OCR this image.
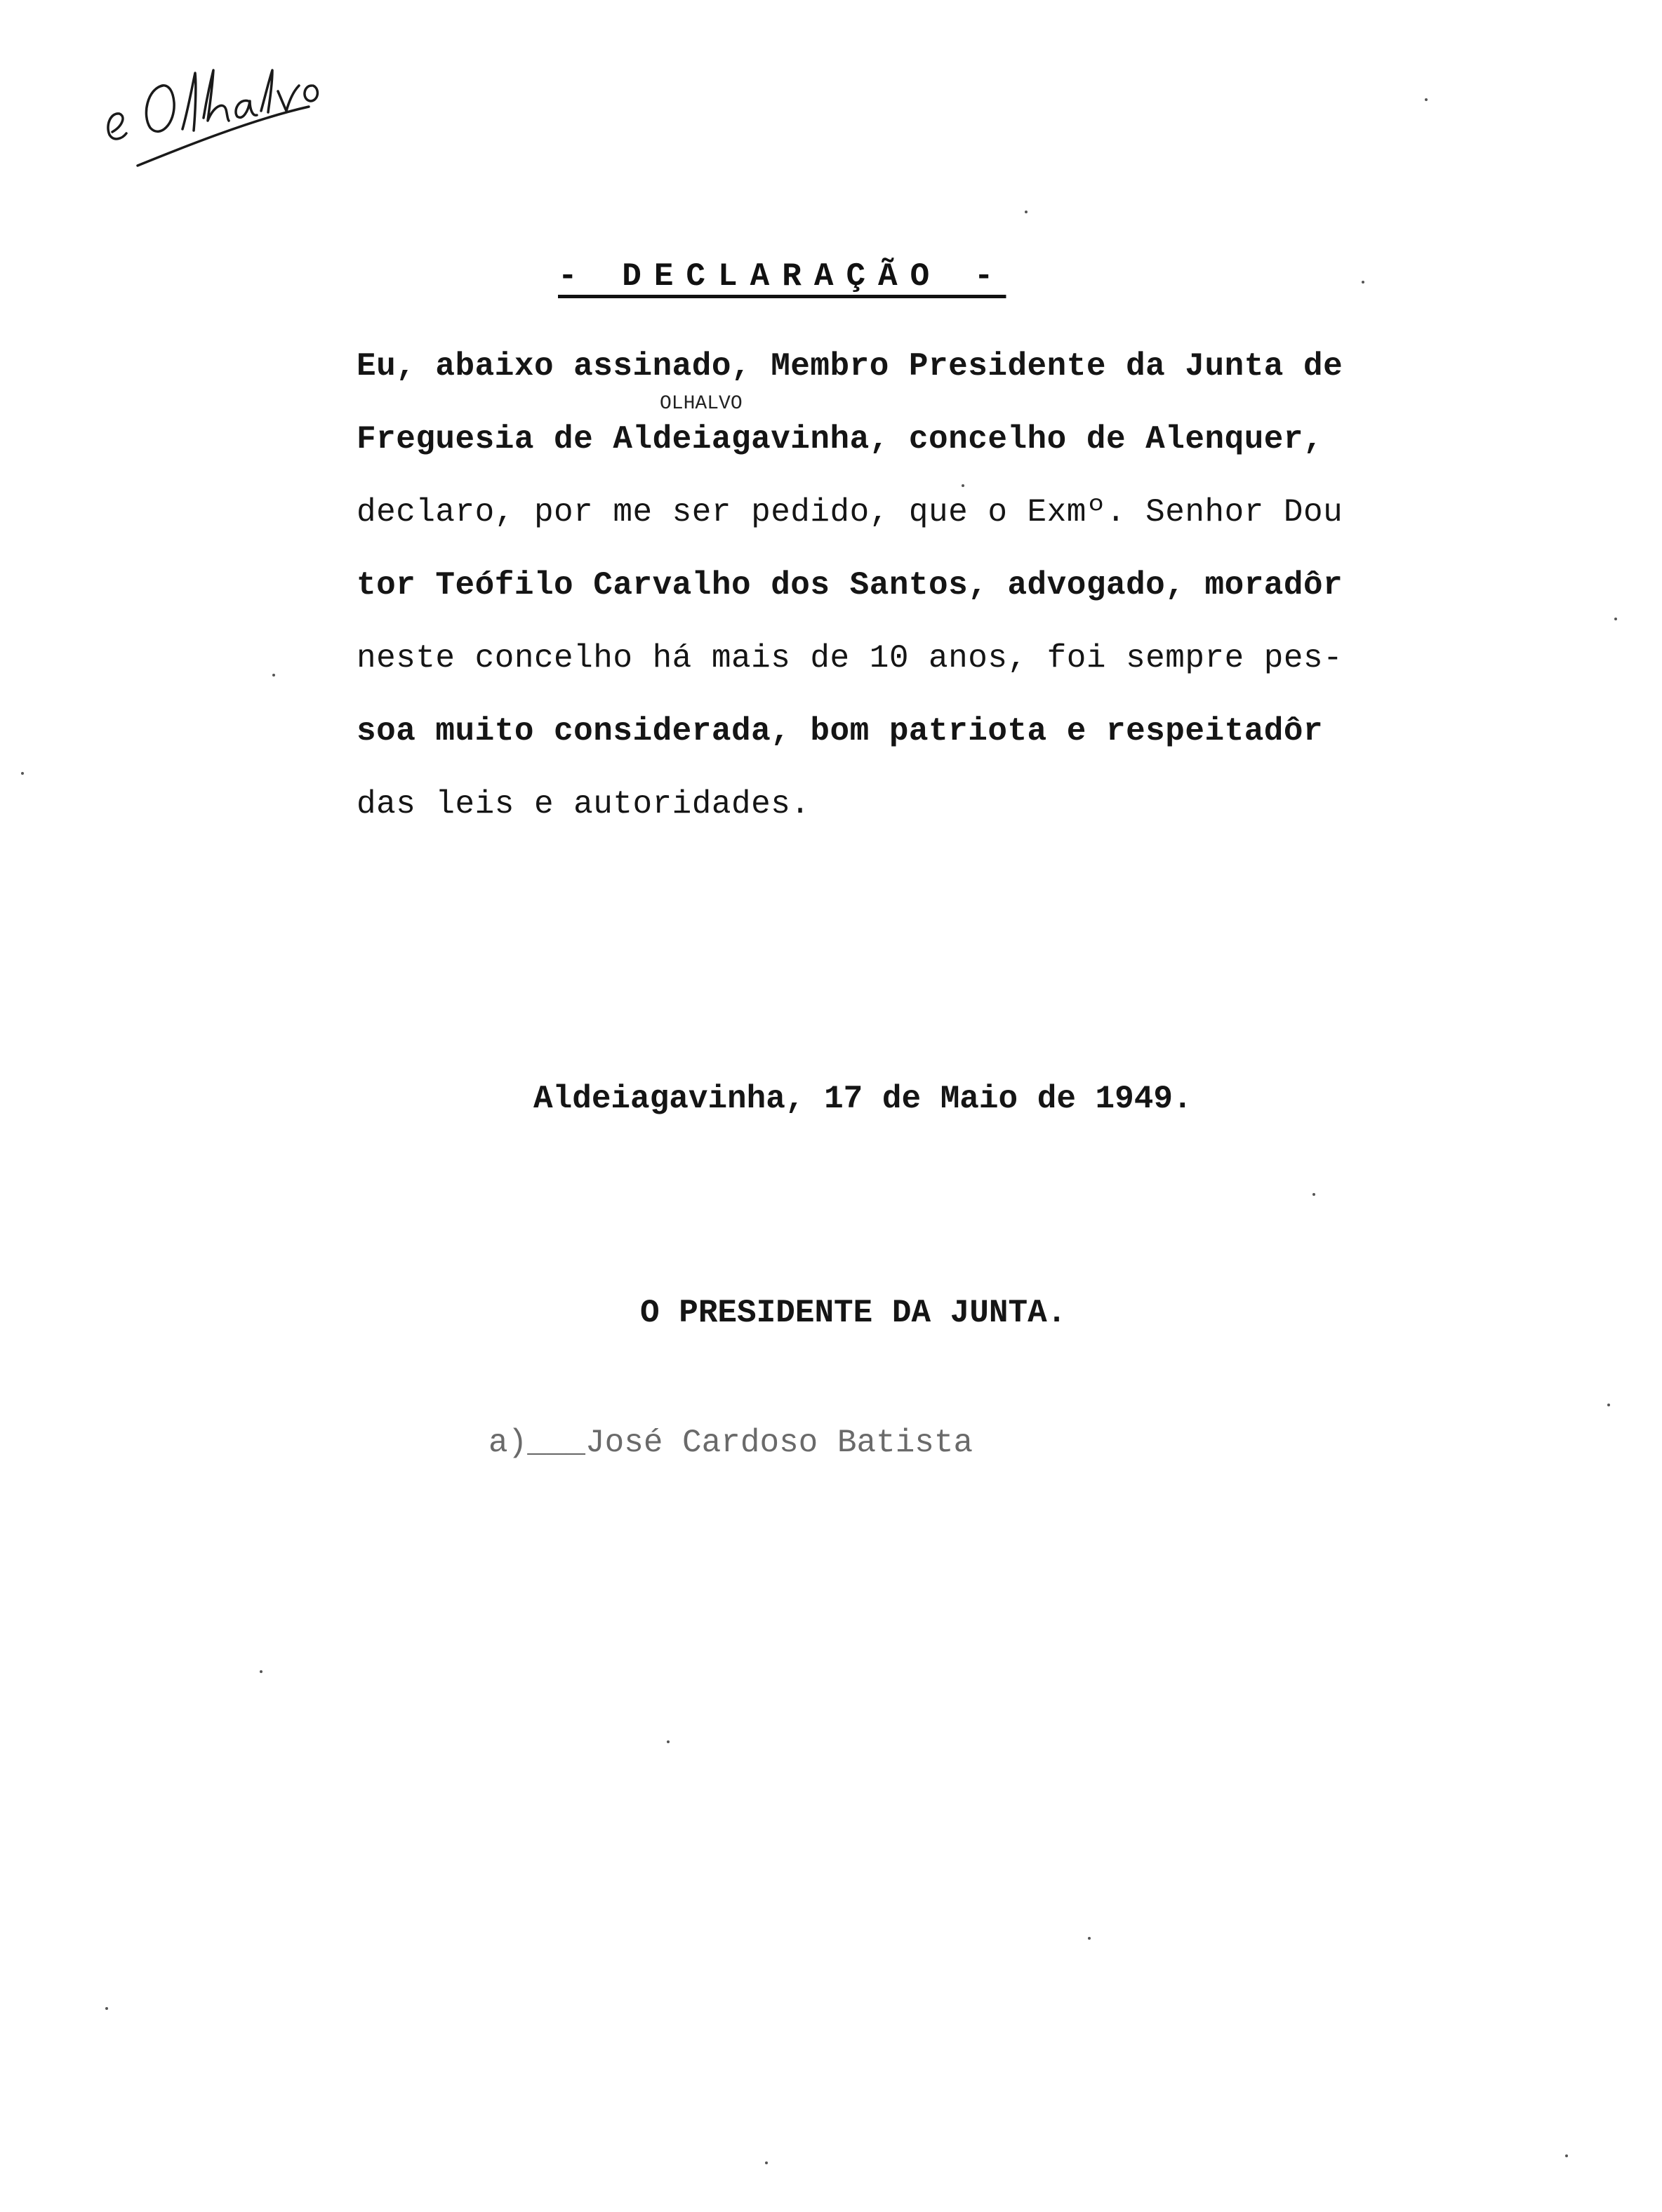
- DECLARAÇÃO -
Eu, abaixo assinado, Membro Presidente da Junta de
Freguesia de Aldeiagavinha, concelho de Alenquer,
declaro, por me ser pedido, que o Exmº. Senhor Dou
tor Teófilo Carvalho dos Santos, advogado, moradôr
neste concelho há mais de 10 anos, foi sempre pes-
soa muito considerada, bom patriota e respeitadôr
das leis e autoridades.
OLHALVO
Aldeiagavinha, 17 de Maio de 1949.
O PRESIDENTE DA JUNTA.
a)___José Cardoso Batista
